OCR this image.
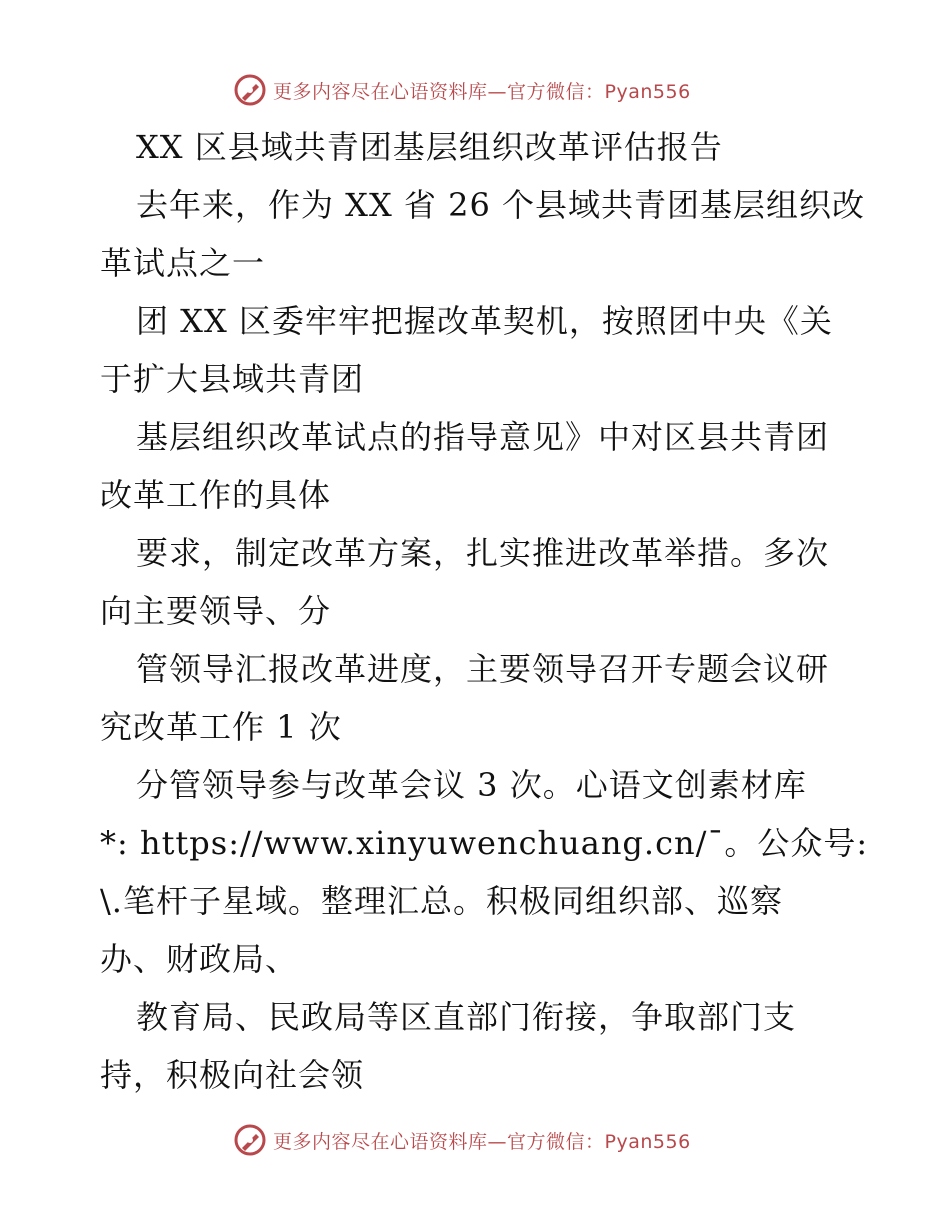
更多内容尽在心语资料库—官方微信：Pyan556
XX 区县域共青团基层组织改革评估报告
去年来，作为 XX 省 26 个县域共青团基层组织改
革试点之一
团 XX 区委牢牢把握改革契机，按照团中央《关
于扩大县域共青团
基层组织改革试点的指导意见》中对区县共青团
改革工作的具体
要求，制定改革方案，扎实推进改革举措。多次
向主要领导、分
管领导汇报改革进度，主要领导召开专题会议研
究改革工作 1 次
分管领导参与改革会议 3 次。心语文创素材库
*: https://www.xinyuwenchuang.cn/¯。公众号:
\.笔杆子星域。整理汇总。积极同组织部、巡察
办、财政局、
教育局、民政局等区直部门衔接，争取部门支
持，积极向社会领
更多内容尽在心语资料库—官方微信：Pyan556
